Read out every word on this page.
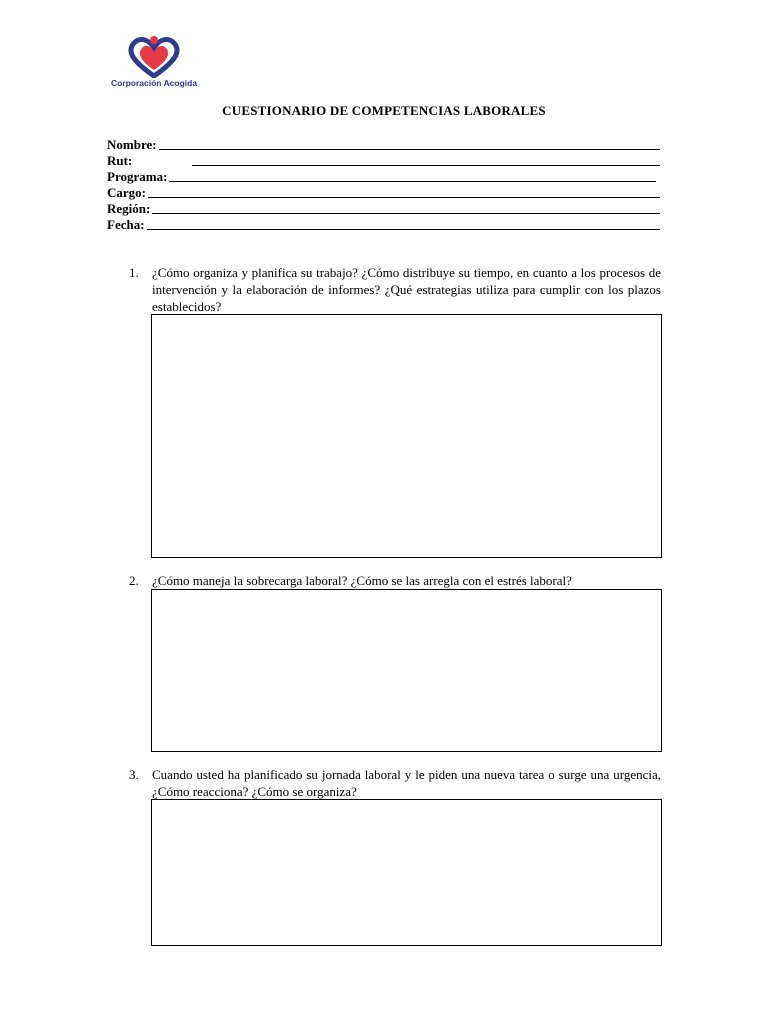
Corporación Acogida
CUESTIONARIO DE COMPETENCIAS LABORALES
Nombre:
Rut:
Programa:
Cargo:
Región:
Fecha:
1. ¿Cómo organiza y planifica su trabajo? ¿Cómo distribuye su tiempo, en cuanto a los procesos de intervención y la elaboración de informes? ¿Qué estrategias utiliza para cumplir con los plazos establecidos?
2. ¿Cómo maneja la sobrecarga laboral? ¿Cómo se las arregla con el estrés laboral?
3. Cuando usted ha planificado su jornada laboral y le piden una nueva tarea o surge una urgencia, ¿Cómo reacciona? ¿Cómo se organiza?
